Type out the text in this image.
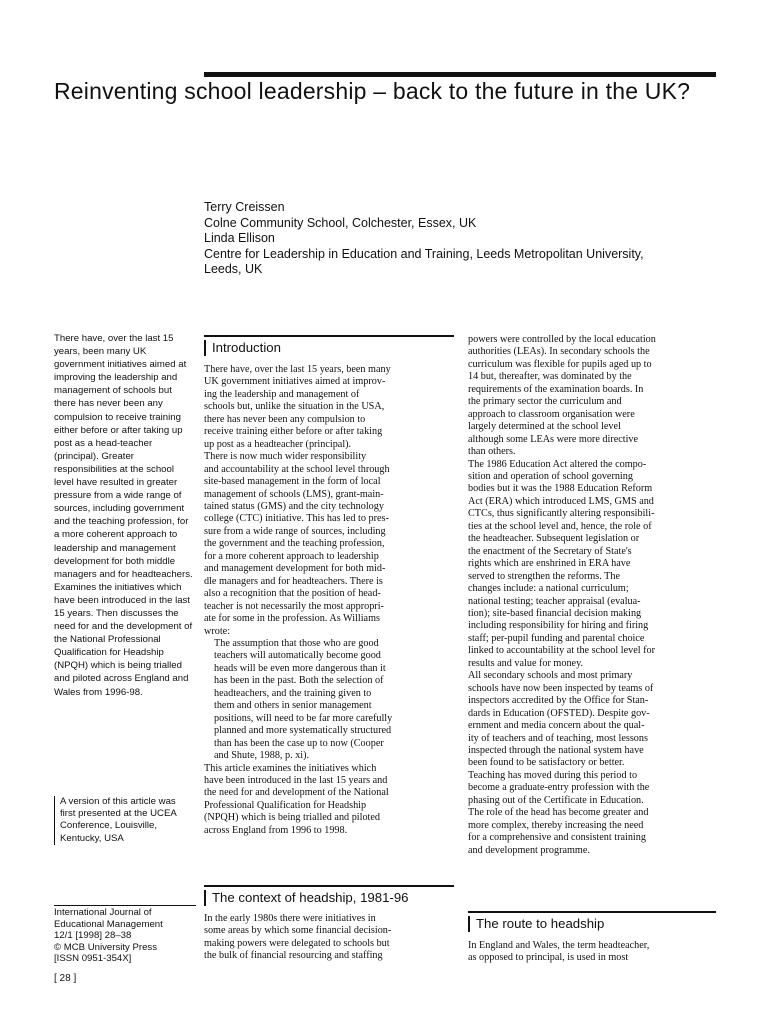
Reinventing school leadership – back to the future in the UK?
Terry Creissen
Colne Community School, Colchester, Essex, UK
Linda Ellison
Centre for Leadership in Education and Training, Leeds Metropolitan University,
Leeds, UK

There have, over the last 15 years, been many UK government initiatives aimed at improving the leadership and management of schools but there has never been any compulsion to receive training either before or after taking up post as a head-teacher (principal). Greater responsibilities at the school level have resulted in greater pressure from a wide range of sources, including government and the teaching profession, for a more coherent approach to leadership and management development for both middle managers and for headteachers. Examines the initiatives which have been introduced in the last 15 years. Then discusses the need for and the development of the National Professional Qualification for Headship (NPQH) which is being trialled and piloted across England and Wales from 1996-98.

A version of this article was
first presented at the UCEA
Conference, Louisville,
Kentucky, USA
International Journal of
Educational Management
12/1 [1998] 28–38
© MCB University Press
[ISSN 0951-354X]
[ 28 ]
Introduction
There have, over the last 15 years, been many
UK government initiatives aimed at improv-
ing the leadership and management of
schools but, unlike the situation in the USA,
there has never been any compulsion to
receive training either before or after taking
up post as a headteacher (principal).
There is now much wider responsibility
and accountability at the school level through
site-based management in the form of local
management of schools (LMS), grant-main-
tained status (GMS) and the city technology
college (CTC) initiative. This has led to pres-
sure from a wide range of sources, including
the government and the teaching profession,
for a more coherent approach to leadership
and management development for both mid-
dle managers and for headteachers. There is
also a recognition that the position of head-
teacher is not necessarily the most appropri-
ate for some in the profession. As Williams
wrote:
The assumption that those who are good
teachers will automatically become good
heads will be even more dangerous than it
has been in the past. Both the selection of
headteachers, and the training given to
them and others in senior management
positions, will need to be far more carefully
planned and more systematically structured
than has been the case up to now (Cooper
and Shute, 1988, p. xi).
This article examines the initiatives which
have been introduced in the last 15 years and
the need for and development of the National
Professional Qualification for Headship
(NPQH) which is being trialled and piloted
across England from 1996 to 1998.
The context of headship, 1981-96
In the early 1980s there were initiatives in
some areas by which some financial decision-
making powers were delegated to schools but
the bulk of financial resourcing and staffing
powers were controlled by the local education
authorities (LEAs). In secondary schools the
curriculum was flexible for pupils aged up to
14 but, thereafter, was dominated by the
requirements of the examination boards. In
the primary sector the curriculum and
approach to classroom organisation were
largely determined at the school level
although some LEAs were more directive
than others.
The 1986 Education Act altered the compo-
sition and operation of school governing
bodies but it was the 1988 Education Reform
Act (ERA) which introduced LMS, GMS and
CTCs, thus significantly altering responsibili-
ties at the school level and, hence, the role of
the headteacher. Subsequent legislation or
the enactment of the Secretary of State's
rights which are enshrined in ERA have
served to strengthen the reforms. The
changes include: a national curriculum;
national testing; teacher appraisal (evalua-
tion); site-based financial decision making
including responsibility for hiring and firing
staff; per-pupil funding and parental choice
linked to accountability at the school level for
results and value for money.
All secondary schools and most primary
schools have now been inspected by teams of
inspectors accredited by the Office for Stan-
dards in Education (OFSTED). Despite gov-
ernment and media concern about the qual-
ity of teachers and of teaching, most lessons
inspected through the national system have
been found to be satisfactory or better.
Teaching has moved during this period to
become a graduate-entry profession with the
phasing out of the Certificate in Education.
The role of the head has become greater and
more complex, thereby increasing the need
for a comprehensive and consistent training
and development programme.
The route to headship
In England and Wales, the term headteacher,
as opposed to principal, is used in most
